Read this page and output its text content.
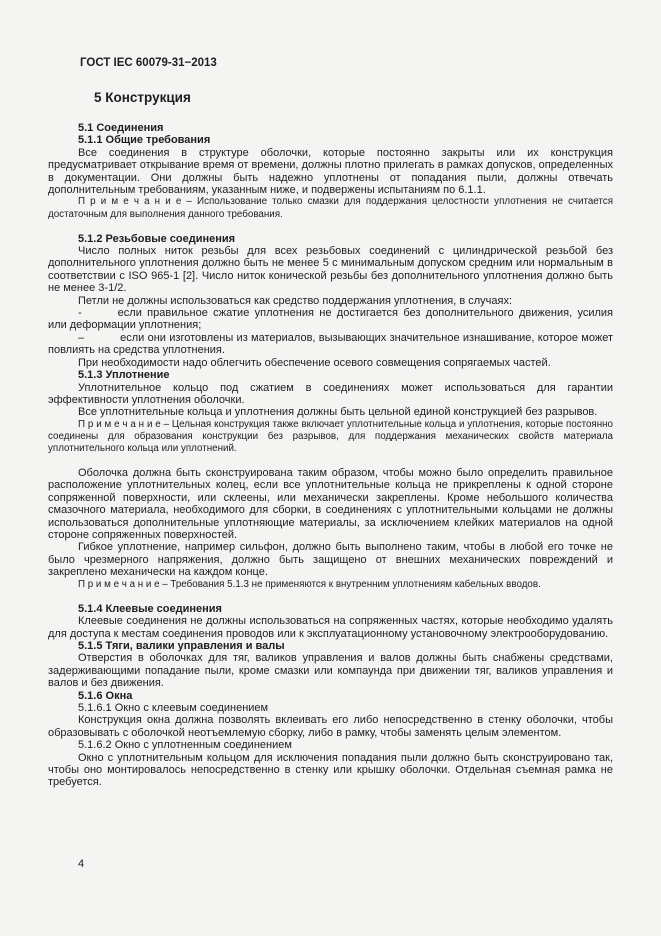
ГОСТ IEC 60079-31−2013
5 Конструкция
5.1 Соединения
5.1.1 Общие требования
Все соединения в структуре оболочки, которые постоянно закрыты или их конструкция предусматривает открывание время от времени, должны плотно прилегать в рамках допусков, определенных в документации. Они должны быть надежно уплотнены от попадания пыли, должны отвечать дополнительным требованиям, указанным ниже, и подвержены испытаниям по 6.1.1.
П р и м е ч а н и е – Использование только смазки для поддержания целостности уплотнения не считается достаточным для выполнения данного требования.
5.1.2 Резьбовые соединения
Число полных ниток резьбы для всех резьбовых соединений с цилиндрической резьбой без дополнительного уплотнения должно быть не менее 5 с минимальным допуском средним или нормальным в соответствии с ISO 965-1 [2]. Число ниток конической резьбы без дополнительного уплотнения должно быть не менее 3-1/2.
Петли не должны использоваться как средство поддержания уплотнения, в случаях:
-	если правильное сжатие уплотнения не достигается без дополнительного движения, усилия или деформации уплотнения;
–	если они изготовлены из материалов, вызывающих значительное изнашивание, которое может повлиять на средства уплотнения.
При необходимости надо облегчить обеспечение осевого совмещения сопрягаемых частей.
5.1.3 Уплотнение
Уплотнительное кольцо под сжатием в соединениях может использоваться для гарантии эффективности уплотнения оболочки.
Все уплотнительные кольца и уплотнения должны быть цельной единой конструкцией без разрывов.
П р и м е ч а н и е – Цельная конструкция также включает уплотнительные кольца и уплотнения, которые постоянно соединены для образования конструкции без разрывов, для поддержания механических свойств материала уплотнительного кольца или уплотнений.
Оболочка должна быть сконструирована таким образом, чтобы можно было определить правильное расположение уплотнительных колец, если все уплотнительные кольца не прикреплены к одной стороне сопряженной поверхности, или склеены, или механически закреплены. Кроме небольшого количества смазочного материала, необходимого для сборки, в соединениях с уплотнительными кольцами не должны использоваться дополнительные уплотняющие материалы, за исключением клейких материалов на одной стороне сопряженных поверхностей.
Гибкое уплотнение, например сильфон, должно быть выполнено таким, чтобы в любой его точке не было чрезмерного напряжения, должно быть защищено от внешних механических повреждений и закреплено механически на каждом конце.
П р и м е ч а н и е – Требования 5.1.3 не применяются к внутренним уплотнениям кабельных вводов.
5.1.4 Клеевые соединения
Клеевые соединения не должны использоваться на сопряженных частях, которые необходимо удалять для доступа к местам соединения проводов или к эксплуатационному установочному электрооборудованию.
5.1.5 Тяги, валики управления и валы
Отверстия в оболочках для тяг, валиков управления и валов должны быть снабжены средствами, задерживающими попадание пыли, кроме смазки или компаунда при движении тяг, валиков управления и валов и без движения.
5.1.6 Окна
5.1.6.1 Окно с клеевым соединением
Конструкция окна должна позволять вклеивать его либо непосредственно в стенку оболочки, чтобы образовывать с оболочкой неотъемлемую сборку, либо в рамку, чтобы заменять целым элементом.
5.1.6.2 Окно с уплотненным соединением
Окно с уплотнительным кольцом для исключения попадания пыли должно быть сконструировано так, чтобы оно монтировалось непосредственно в стенку или крышку оболочки. Отдельная съемная рамка не требуется.
4
